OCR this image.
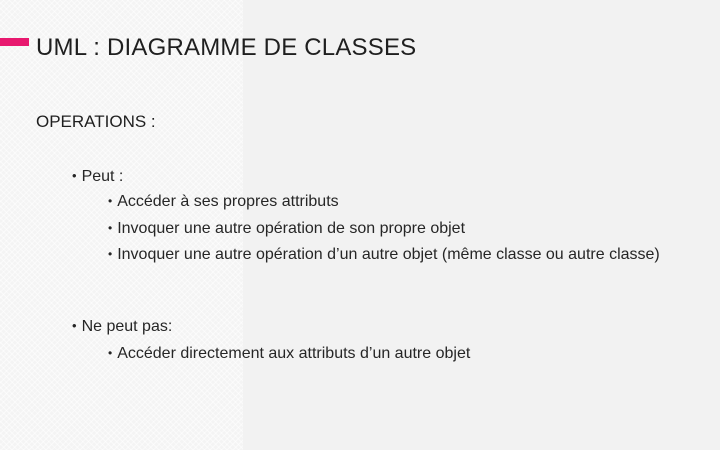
UML : DIAGRAMME DE CLASSES
OPERATIONS :
• Peut :
• Accéder à ses propres attributs
• Invoquer une autre opération de son propre objet
• Invoquer une autre opération d’un autre objet (même classe ou autre classe)
• Ne peut pas:
• Accéder directement aux attributs d’un autre objet
